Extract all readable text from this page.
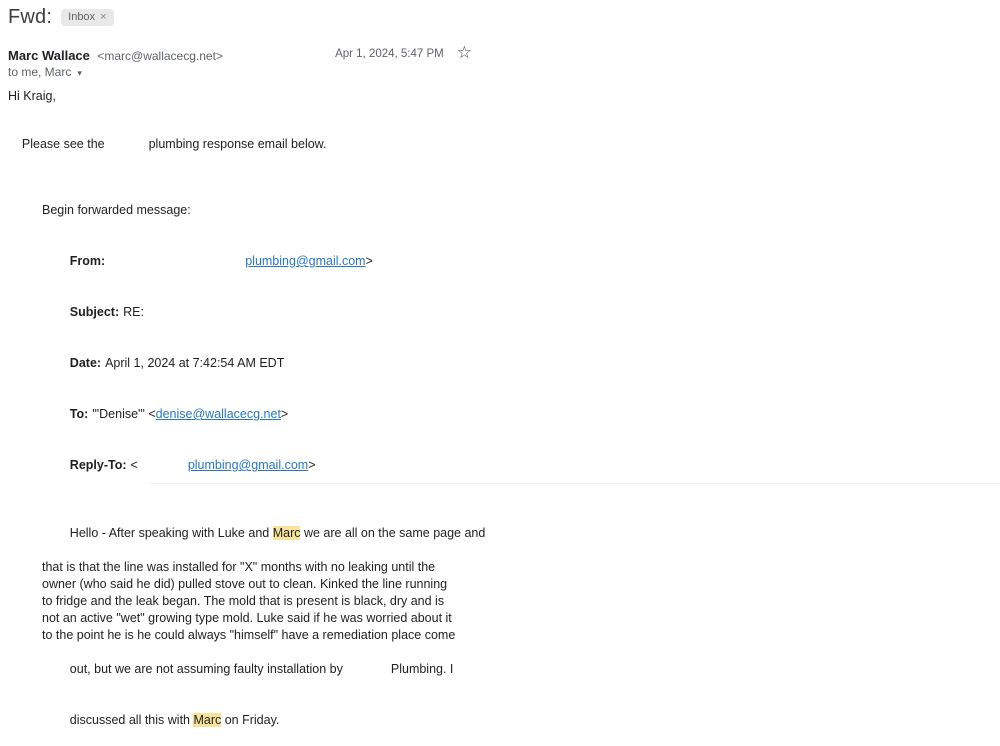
Fwd: Inbox ×
Marc Wallace <marc@wallacecg.net>	Apr 1, 2024, 5:47 PM ☆
to me, Marc ▾
Hi Kraig,

Please see the	plumbing response email below.

Begin forwarded message:

From:	plumbing@gmail.com>

Subject: RE:

Date: April 1, 2024 at 7:42:54 AM EDT

To: "'Denise'" <denise@wallacecg.net>

Reply-To: <	plumbing@gmail.com>

Hello - After speaking with Luke and Marc we are all on the same page and

that is that the line was installed for "X" months with no leaking until the
owner (who said he did) pulled stove out to clean. Kinked the line running
to fridge and the leak began. The mold that is present is black, dry and is
not an active "wet" growing type mold. Luke said if he was worried about it
to the point he is he could always "himself" have a remediation place come

out, but we are not assuming faulty installation by	Plumbing. I

discussed all this with Marc on Friday.
